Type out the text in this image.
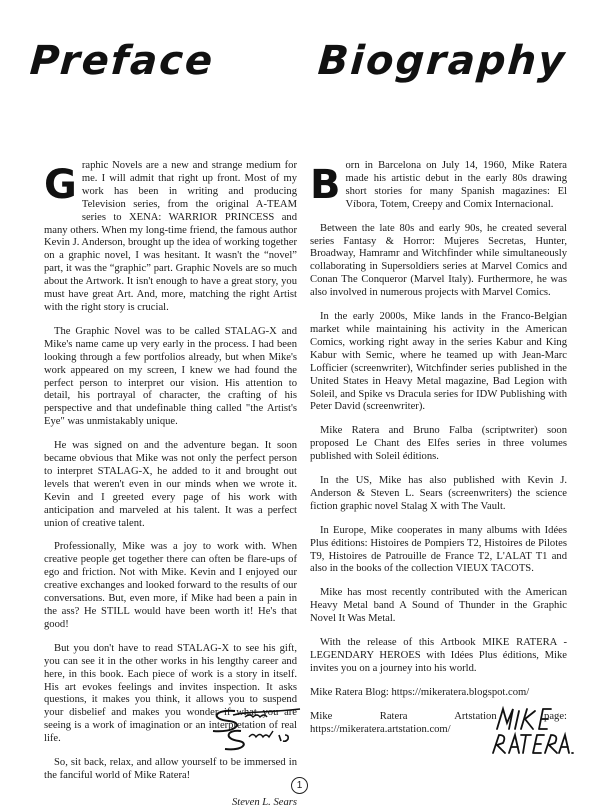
Preface	Biography

Graphic Novels are a new and strange medium for me. I will admit that right up front. Most of my work has been in writing and producing Television series, from the original A-TEAM series to XENA: WARRIOR PRINCESS and many others. When my long-time friend, the famous author Kevin J. Anderson, brought up the idea of working together on a graphic novel, I was hesitant. It wasn't the “novel” part, it was the “graphic” part. Graphic Novels are so much about the Artwork. It isn't enough to have a great story, you must have great Art. And, more, matching the right Artist with the right story is crucial.

The Graphic Novel was to be called STALAG-X and Mike's name came up very early in the process. I had been looking through a few portfolios already, but when Mike's work appeared on my screen, I knew we had found the perfect person to interpret our vision. His attention to detail, his portrayal of character, the crafting of his perspective and that undefinable thing called "the Artist's Eye" was unmistakably unique.

He was signed on and the adventure began. It soon became obvious that Mike was not only the perfect person to interpret STALAG-X, he added to it and brought out levels that weren't even in our minds when we wrote it. Kevin and I greeted every page of his work with anticipation and marveled at his talent. It was a perfect union of creative talent.

Professionally, Mike was a joy to work with. When creative people get together there can often be flare-ups of ego and friction. Not with Mike. Kevin and I enjoyed our creative exchanges and looked forward to the results of our conversations. But, even more, if Mike had been a pain in the ass? He STILL would have been worth it! He's that good!

But you don't have to read STALAG-X to see his gift, you can see it in the other works in his lengthy career and here, in this book. Each piece of work is a story in itself. His art evokes feelings and invites inspection. It asks questions, it makes you think, it allows you to suspend your disbelief and makes you wonder if what you are seeing is a work of imagination or an interpretation of real life.

So, sit back, relax, and allow yourself to be immersed in the fanciful world of Mike Ratera!

Steven L. Sears

Born in Barcelona on July 14, 1960, Mike Ratera made his artistic debut in the early 80s drawing short stories for many Spanish magazines: El Víbora, Totem, Creepy and Comix Internacional.

Between the late 80s and early 90s, he created several series Fantasy & Horror: Mujeres Secretas, Hunter, Broadway, Hamramr and Witchfinder while simultaneously collaborating in Supersoldiers series at Marvel Comics and Conan The Conqueror (Marvel Italy). Furthermore, he was also involved in numerous projects with Marvel Comics.

In the early 2000s, Mike lands in the Franco-Belgian market while maintaining his activity in the American Comics, working right away in the series Kabur and King Kabur with Semic, where he teamed up with Jean-Marc Lofficier (screenwriter), Witchfinder series published in the United States in Heavy Metal magazine, Bad Legion with Soleil, and Spike vs Dracula series for IDW Publishing with Peter David (screenwriter).

Mike Ratera and Bruno Falba (scriptwriter) soon proposed Le Chant des Elfes series in three volumes published with Soleil éditions.

In the US, Mike has also published with Kevin J. Anderson & Steven L. Sears (screenwriters) the science fiction graphic novel Stalag X with The Vault.

In Europe, Mike cooperates in many albums with Idées Plus éditions: Histoires de Pompiers T2, Histoires de Pilotes T9, Histoires de Patrouille de France T2, L'ALAT T1 and also in the books of the collection VIEUX TACOTS.

Mike has most recently contributed with the American Heavy Metal band A Sound of Thunder in the Graphic Novel It Was Metal.

With the release of this Artbook MIKE RATERA - LEGENDARY HEROES with Idées Plus éditions, Mike invites you on a journey into his world.

Mike Ratera Blog: https://mikeratera.blogspot.com/

Mike Ratera Artstation page: https://mikeratera.artstation.com/

1
